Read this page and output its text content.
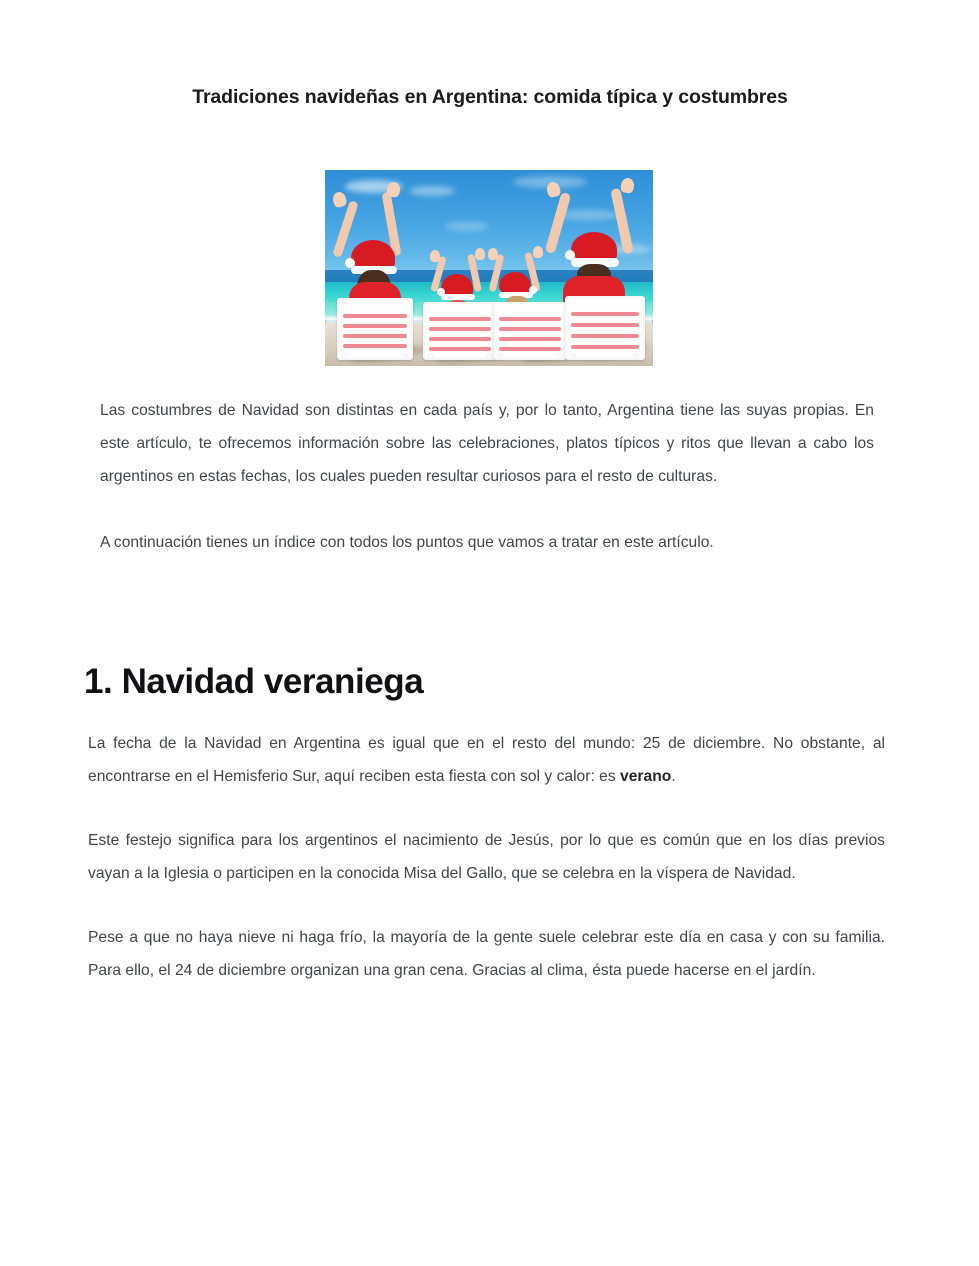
Tradiciones navideñas en Argentina: comida típica y costumbres

Las costumbres de Navidad son distintas en cada país y, por lo tanto, Argentina tiene las suyas propias. En este artículo, te ofrecemos información sobre las celebraciones, platos típicos y ritos que llevan a cabo los argentinos en estas fechas, los cuales pueden resultar curiosos para el resto de culturas.

A continuación tienes un índice con todos los puntos que vamos a tratar en este artículo.

1. Navidad veraniega

La fecha de la Navidad en Argentina es igual que en el resto del mundo: 25 de diciembre. No obstante, al encontrarse en el Hemisferio Sur, aquí reciben esta fiesta con sol y calor: es verano.

Este festejo significa para los argentinos el nacimiento de Jesús, por lo que es común que en los días previos vayan a la Iglesia o participen en la conocida Misa del Gallo, que se celebra en la víspera de Navidad.

Pese a que no haya nieve ni haga frío, la mayoría de la gente suele celebrar este día en casa y con su familia. Para ello, el 24 de diciembre organizan una gran cena. Gracias al clima, ésta puede hacerse en el jardín.
